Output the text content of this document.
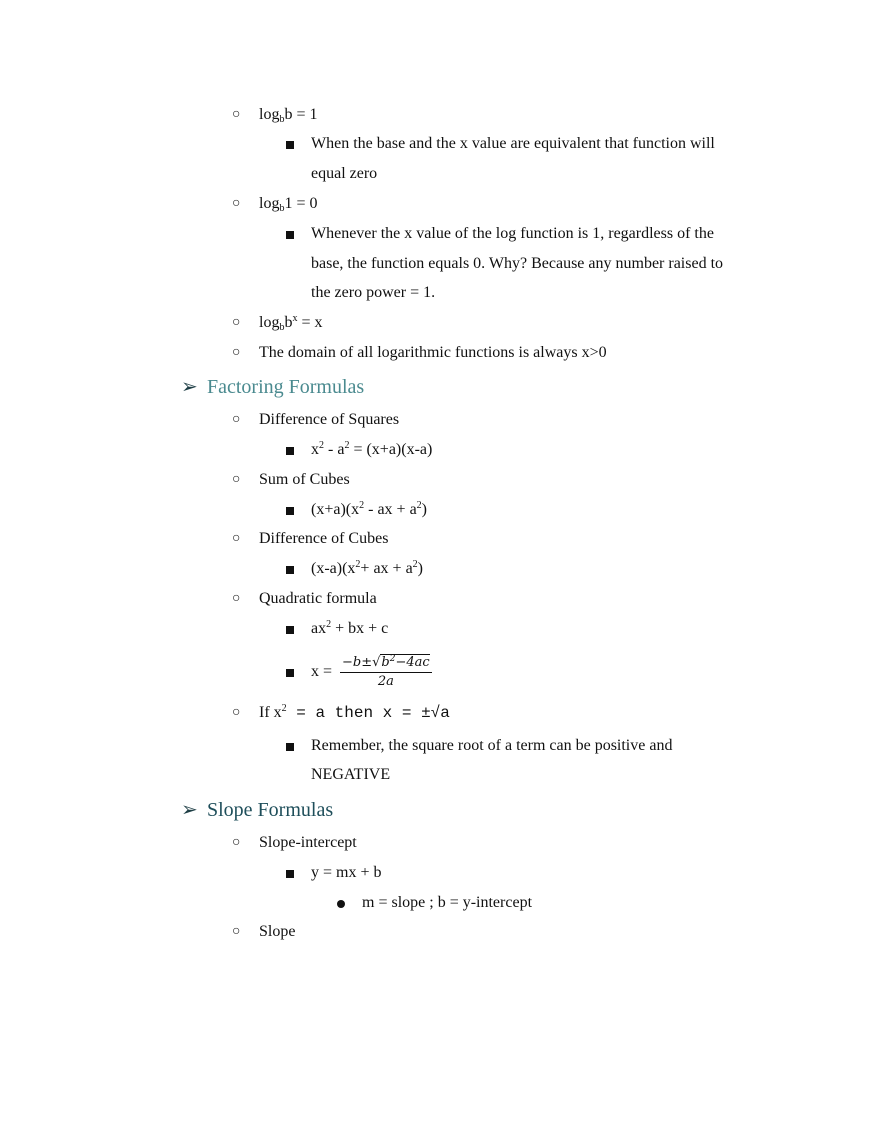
○ $\log_bb = 1$
When the base and the x value are equivalent that function will
equal zero
○ $\log_b1 = 0$
Whenever the x value of the log function is 1, regardless of the
base, the function equals 0. Why? Because any number raised to
the zero power = 1.
○ $\log_bb^x = x$
○ The domain of all logarithmic functions is always x>0
➢ Factoring Formulas
○ Difference of Squares
$x^2 - a^2 = (x+a)(x-a)$
○ Sum of Cubes
$(x+a)(x^2$ - ax + $a^2$)
○ Difference of Cubes
$(x-a)(x^2+$ ax + $a^2$)
○ Quadratic formula
$ax^2$ + bx + c
$x = \frac{-b\pm√b^2-4ac}{2a}$
○ If $x^2 = a$ then x = ±√a
Remember, the square root of a term can be positive and
NEGATIVE
➢ Slope Formulas
○ Slope-intercept
y = mx + b
m = slope ; b = y-intercept
○ Slope
